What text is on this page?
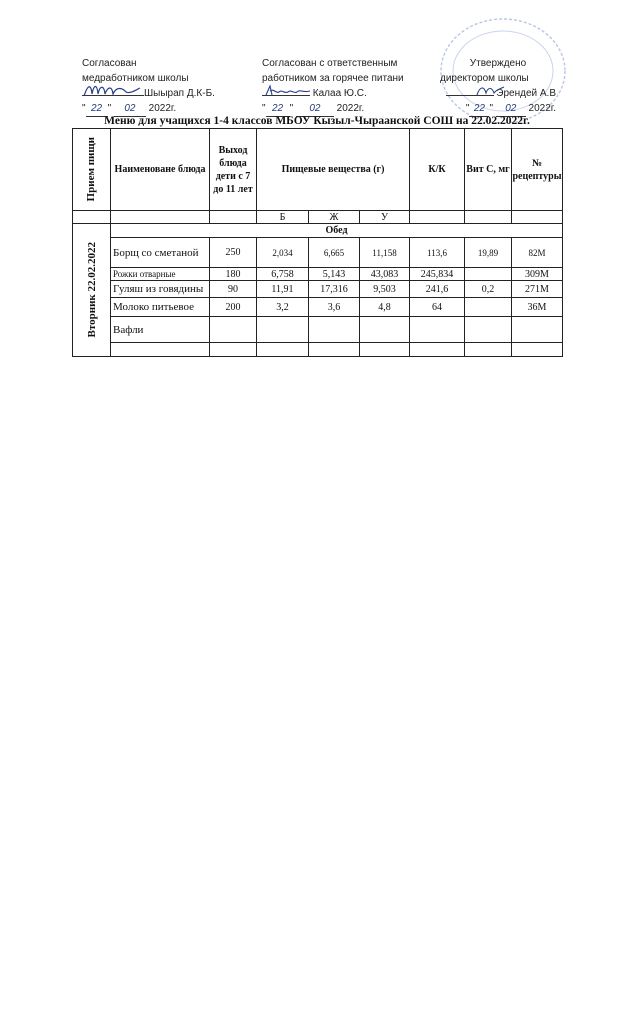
Согласован
медработником школы
Шыырап Д.К-Б.
" 22 " 02 2022г.
Согласован с ответственным
работником за горячее питани
Калаа Ю.С.
" 22 " 02 2022г.
Утверждено
директором школы
Эрендей А.В
" 22 " 02 2022г.
Меню для учащихся 1-4 классов МБОУ Кызыл-Чыраанской СОШ на 22.02.2022г.
Прием пищи	Наименоване блюда	Выход блюда дети с 7 до 11 лет	Пищевые вещества (г)			К/К	Вит С, мг	№ рецептуры
			Б	Ж	У			

Вторник 22.02.2022	Обед							
	Борщ со сметаной	250	2,034	6,665	11,158	113,6	19,89	82М
	Рожки отварные	180	6,758	5,143	43,083	245,834		309М

	Гуляш из говядины	90	11,91	17,316	9,503	241,6	0,2	271М
	Молоко питьевое	200	3,2	3,6	4,8	64		36М
	Вафли							
